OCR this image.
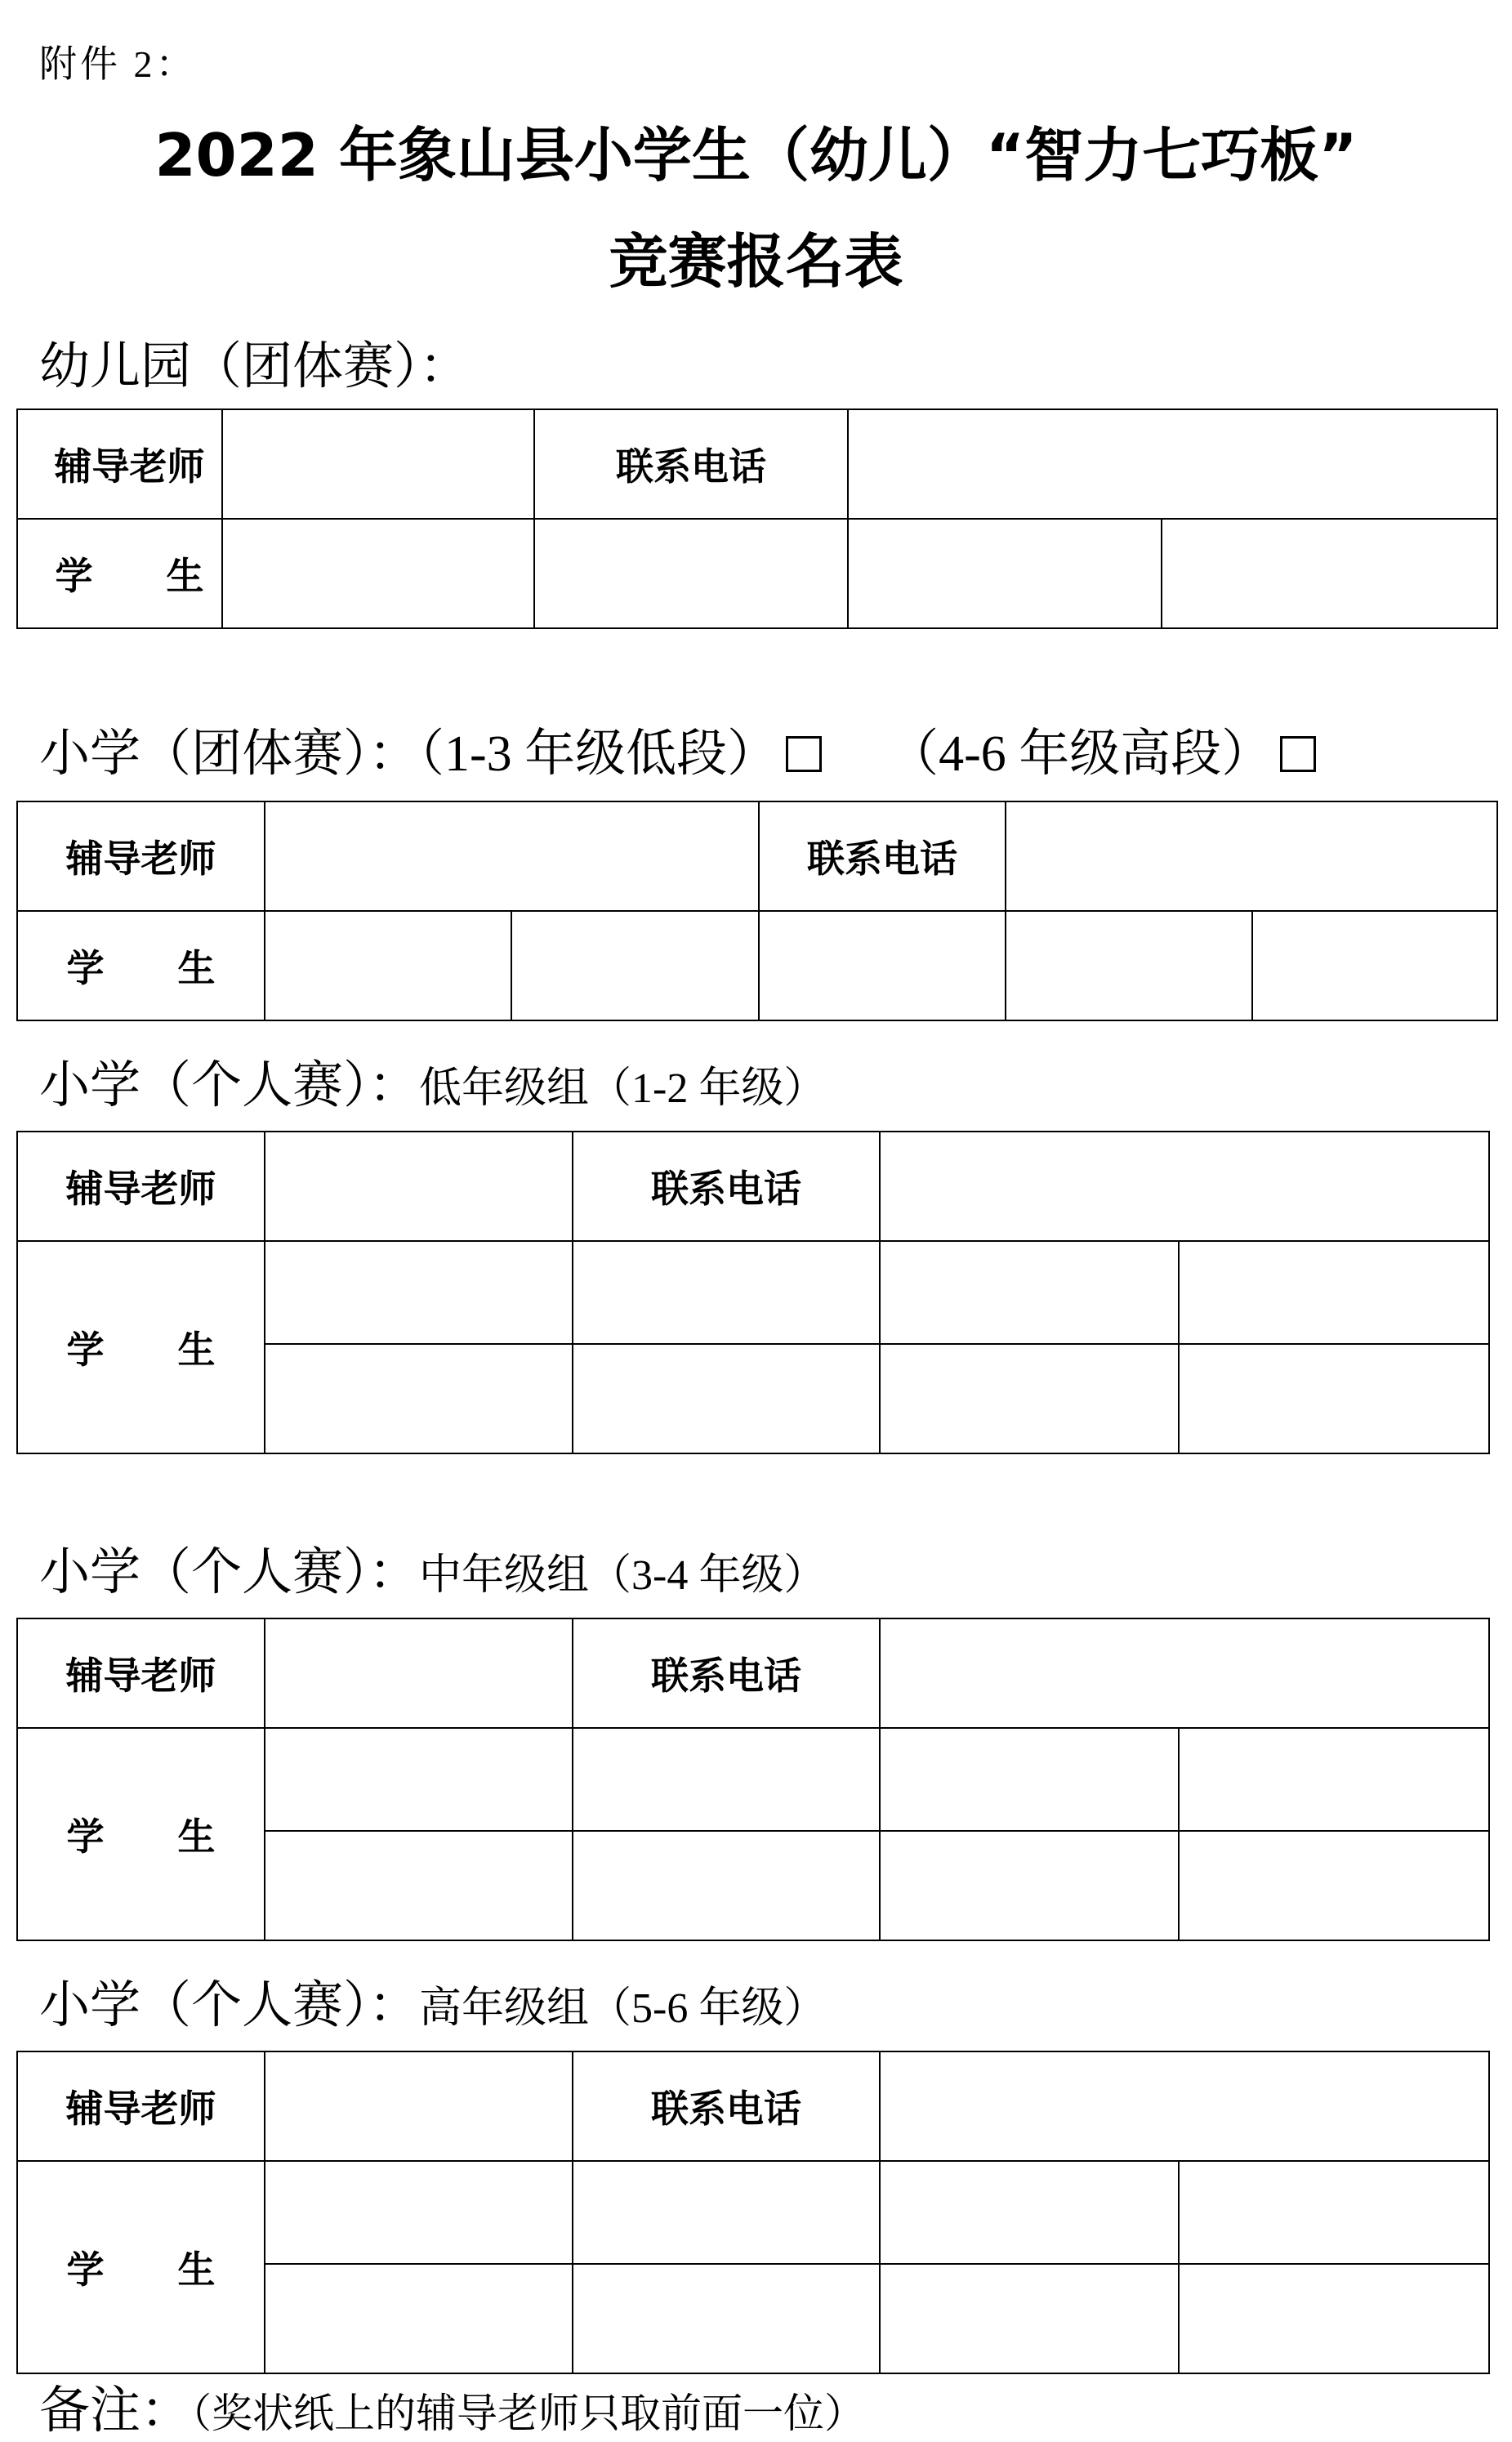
附件 2：
2022 年象山县小学生（幼儿）“智力七巧板”
竞赛报名表
幼儿园（团体赛）：
辅导老师		联系电话		
学 生				
小学（团体赛）：（1-3 年级低段） （4-6 年级高段）
辅导老师			联系电话		
学 生					
小学（个人赛）：低年级组（1-2 年级）
辅导老师		联系电话		
学 生				

小学（个人赛）：中年级组（3-4 年级）
辅导老师		联系电话		
学 生				

小学（个人赛）：高年级组（5-6 年级）
辅导老师		联系电话		
学 生				

备注：（奖状纸上的辅导老师只取前面一位）
